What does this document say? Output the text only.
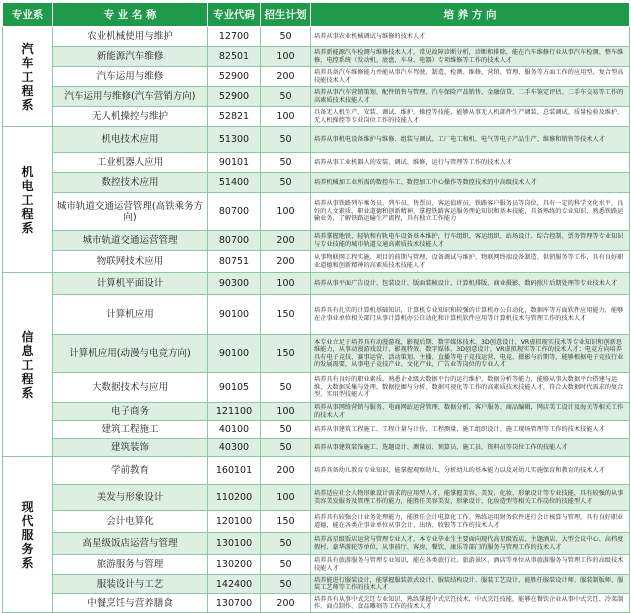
专业系	专 业 名 称	专业代码	招生计划	培 养 方 向
汽车工程系	农业机械使用与维护	12700	50	培养从事农业机械调试与维修的技术人才
	新能源汽车维修	82501	100	培养新能源汽车检测与维修技术人才，常见故障诊断分析，诊断和排除，能在汽车维修行业从事汽车检测、整车维修，电控系统（发动机、底盘、车身、电器）专项维修等工作的技术人才
	汽车运用与维修	52900	200	培养具备汽车维修能力并能从事汽车驾驶、制造、检测、维修、营销、管理、服务等方面工作的应用型、复合型高技能技术人才
	汽车运用与维修(汽车营销方向)	52900	50	培养从事汽车营销策划、配件销售与管理、汽车保险产品销售、金融信贷、二手车鉴定评估、二手车交易等工作的高素质技术技能人才
	无人机操控与维护	52821	100	具备无人机生产、安装、调试、维护、操控等技能，能够从事无人机部件生产调装、总装调试、质量检验及维护，无人机操控等专业岗位工作的技能人才
机电工程系	机电技术应用	51300	50	培养从事机电设备维护与维修、组装与调试、工厂电工和机、电气等电子产品生产、维修和销售等技术人才
	工业机器人应用	90101	50	培养从事工业机器人的安装、调试、维修、运行与管理等工作的技术人才
	数控技术应用	51400	50	培养机械加工业所需的数控车工、数控加工中心操作等数控技术的中高级技术人才
	城市轨道交通运营管理(高铁乘务方向)	80700	100	培养从事铁路列车乘务员、列车员、售票员、客运值班员、铁路客户服务员等岗位，具有一定的科学文化水平，良好的人文素质，职业道德和创新精神，掌握铁路客运服务理论知识和基本技能，具备熟练的专业知识，熟悉铁路运输业务，了解铁路运输生产流程，具有独立工作能力
	城市轨道交通运营管理	80700	200	培养掌握地铁、轻轨和有轨电车设备基本维护，行车组织、客运组织、站场设计、综合控制、票务管理等专业知识与专业技能的城市轨道交通高素质技术技能人才
	物联网技术应用	80751	200	从事物联网工程实施、项目的前期与管理、设备调试与维护、物联网终端设备制造、供销服务等工作，具有良好职业道德和创新精神的高素质技术技能人才
信息工程系	计算机平面设计	90300	100	培养从事平面广告设计、包装设计、版面装帧设计、计算机排版、商业摄影、数码照片后期处理等专业技术人才
	计算机应用	90100	150	培养具有扎实的计算机基础知识，计算机专业知识和较强的计算机办公自动化，数据库等方面软件应用能力，能够在企事业单位相关部门从事计算机办公自动化和计算机软件应用等计算机技术与管理工作的技术人才
	计算机应用(动漫与电竞方向)	90100	150	本专业立足于培养具有动漫游戏、影视后期、数字媒体技术、3D创意设计、VR虚拟现实技术等专业知识和创新思维能力，从事动漫游戏设计、影视特效、数字媒体、3D创意设计、VR虚拟现实等工作的技术人才；电竞方向培养具有电子竞技、赛事运营、活动策划、主播、直播等电子竞技运营、电竞、摄影与后期等，能够根据电子竞技行业的发展需要，从事电子竞技产业、文化产业、广告业等岗位的专业人才
	大数据技术与应用	90105	50	培养具有良好的职业素质，熟悉企业级大数据平台的运行维护，数据分析等能力，能够从事大数据平台搭建与运维、大数据采集与处理、数据挖掘与分析、数据可视化等工作的高素质技术技能人才，符合大数据时代需求的复合型、实用型技能人才
	电子商务	121100	100	培养从事网络营销与服务、电商网站运营管理、数据分析、客户服务、商品编辑，网店美工设计及海关等相关工作的技术人才
	建筑工程施工	40100	50	培养从事建筑工程施工、工程计量与计价、工程测量、施工组织设计、施工现场管理等工作的技术技能人才
	建筑装饰	40300	50	培养从事建筑装饰施工、选题设计、测量员、预算员、施工员、资料员等岗位工作的技能人才
现代服务系	学前教育	160101	200	培养具备幼儿教育专业知识，能掌握观察幼儿、分析幼儿的基本能力以及对幼儿实施保育和教育的技术人才
	美发与形象设计	110200	100	培养适应社会人物形象设计需求的应用型人才，能掌握美容、美发、化妆、形象设计等专业技能，具有较强的从事美容美发服务及管理工作的能力，能胜任美容美发、形象设计、化妆造型等相关工作岗位的技能型人才
	会计电算化	120100	150	培养具有较强会计业务处理能力，能胜任会计电算化工作、熟练运用财务软件进行会计核算与管理，具有良好职业道德，能在各类企事业单位从事会计、出纳、收银等工作的技术人才
	高星级饭店运营与管理	130100	50	培养高星级饭店运营与管理专业人才，本专业毕业生主要面向现代高星级饭店、主题酒店、大型会议中心、高档度假村、豪华游轮等单位，从事前厅、客房、餐饮、康乐等部门的服务与管理工作的技术人才
	旅游服务与管理	130200	50	培养具有旅游服务与管理专业知识，能在各类旅行社、旅游景区、酒店等单位从事旅游服务与管理工作的高级技术技能人才
	服装设计与工艺	142400	50	培养能进行服装设计，能掌握服装款式设计、服装结构设计、服装工艺设计，能胜任服装设计师、服装制版师、服装工艺师等工作的技术人才
	中餐烹饪与营养膳食	130700	200	培养具有从事中式烹饪专业知识，熟练掌握中式烹饪技术，中式烹饪技能，能够在餐饮企业从事中式烹饪、冷菜制作、面点制作、食品雕刻等工作的技术人才
